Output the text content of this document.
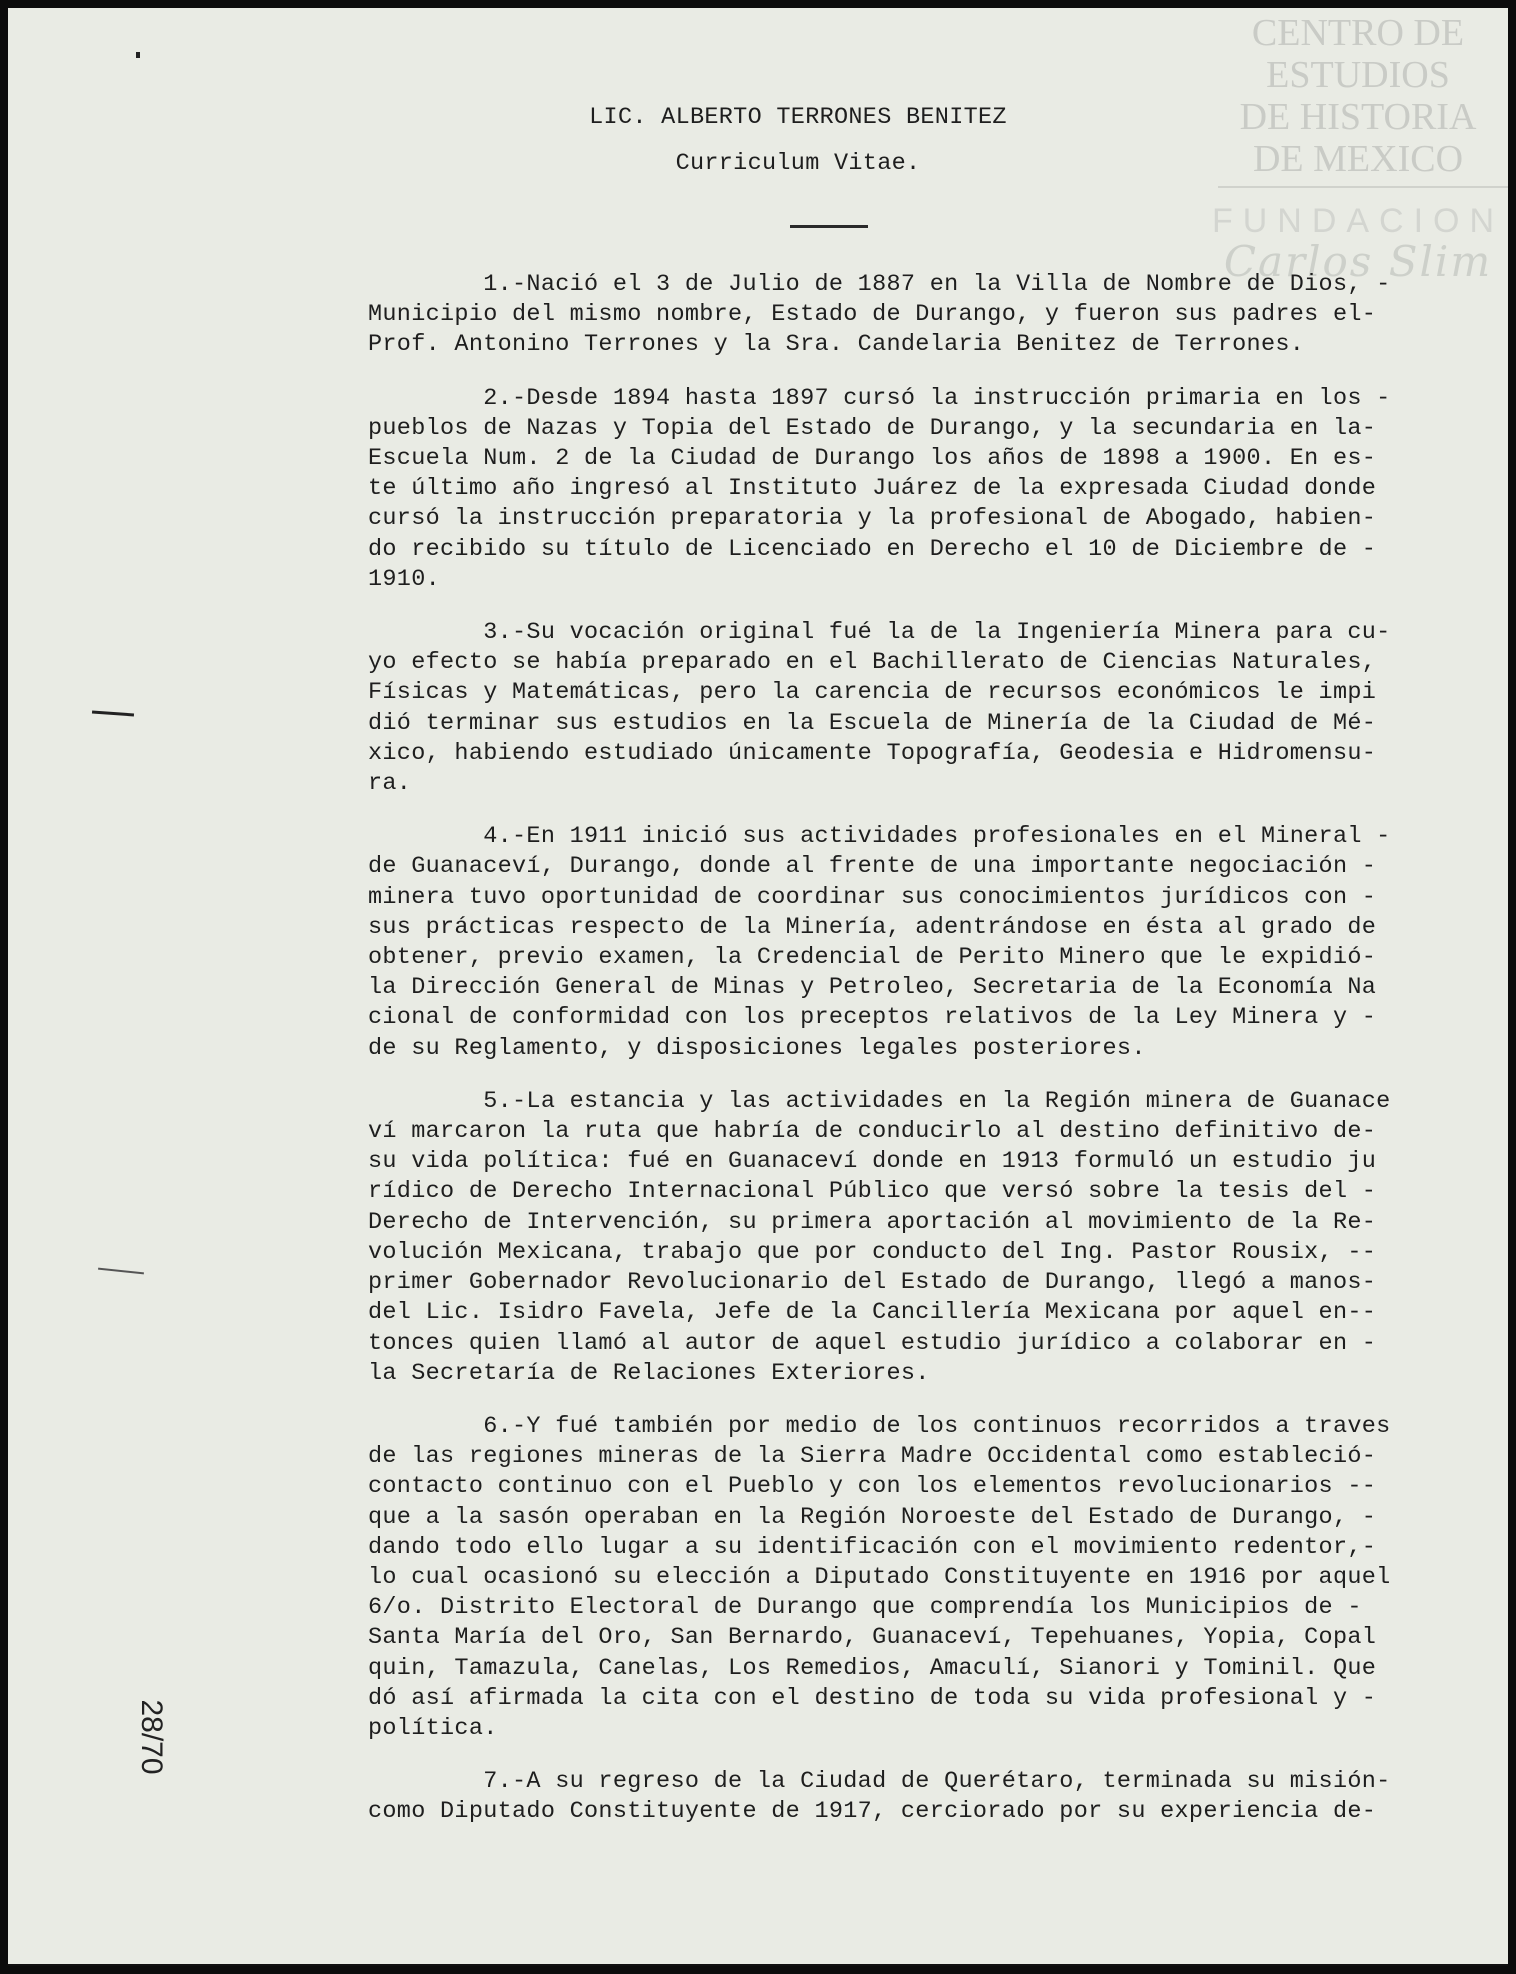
LIC. ALBERTO TERRONES BENITEZ
Curriculum Vitae.
CENTRO DE
ESTUDIOS
DE HISTORIA
DE MEXICO
FUNDACION
Carlos Slim

1.-Nació el 3 de Julio de 1887 en la Villa de Nombre de Dios, -
Municipio del mismo nombre, Estado de Durango, y fueron sus padres el-
Prof. Antonino Terrones y la Sra. Candelaria Benitez de Terrones.

2.-Desde 1894 hasta 1897 cursó la instrucción primaria en los -
pueblos de Nazas y Topia del Estado de Durango, y la secundaria en la-
Escuela Num. 2 de la Ciudad de Durango los años de 1898 a 1900. En es-
te último año ingresó al Instituto Juárez de la expresada Ciudad donde
cursó la instrucción preparatoria y la profesional de Abogado, habien-
do recibido su título de Licenciado en Derecho el 10 de Diciembre de -
1910.

3.-Su vocación original fué la de la Ingeniería Minera para cu-
yo efecto se había preparado en el Bachillerato de Ciencias Naturales,
Físicas y Matemáticas, pero la carencia de recursos económicos le impi
dió terminar sus estudios en la Escuela de Minería de la Ciudad de Mé-
xico, habiendo estudiado únicamente Topografía, Geodesia e Hidromensu-
ra.

4.-En 1911 inició sus actividades profesionales en el Mineral -
de Guanaceví, Durango, donde al frente de una importante negociación -
minera tuvo oportunidad de coordinar sus conocimientos jurídicos con -
sus prácticas respecto de la Minería, adentrándose en ésta al grado de
obtener, previo examen, la Credencial de Perito Minero que le expidió-
la Dirección General de Minas y Petroleo, Secretaria de la Economía Na
cional de conformidad con los preceptos relativos de la Ley Minera y -
de su Reglamento, y disposiciones legales posteriores.

5.-La estancia y las actividades en la Región minera de Guanace
ví marcaron la ruta que habría de conducirlo al destino definitivo de-
su vida política: fué en Guanaceví donde en 1913 formuló un estudio ju
rídico de Derecho Internacional Público que versó sobre la tesis del -
Derecho de Intervención, su primera aportación al movimiento de la Re-
volución Mexicana, trabajo que por conducto del Ing. Pastor Rousix, --
primer Gobernador Revolucionario del Estado de Durango, llegó a manos-
del Lic. Isidro Favela, Jefe de la Cancillería Mexicana por aquel en--
tonces quien llamó al autor de aquel estudio jurídico a colaborar en -
la Secretaría de Relaciones Exteriores.

6.-Y fué también por medio de los continuos recorridos a traves
de las regiones mineras de la Sierra Madre Occidental como estableció-
contacto continuo con el Pueblo y con los elementos revolucionarios --
que a la sasón operaban en la Región Noroeste del Estado de Durango, -
dando todo ello lugar a su identificación con el movimiento redentor,-
lo cual ocasionó su elección a Diputado Constituyente en 1916 por aquel
6/o. Distrito Electoral de Durango que comprendía los Municipios de -
Santa María del Oro, San Bernardo, Guanaceví, Tepehuanes, Yopia, Copal
quin, Tamazula, Canelas, Los Remedios, Amaculí, Sianori y Tominil. Que
dó así afirmada la cita con el destino de toda su vida profesional y -
política.

7.-A su regreso de la Ciudad de Querétaro, terminada su misión-
como Diputado Constituyente de 1917, cerciorado por su experiencia de-

28/70
